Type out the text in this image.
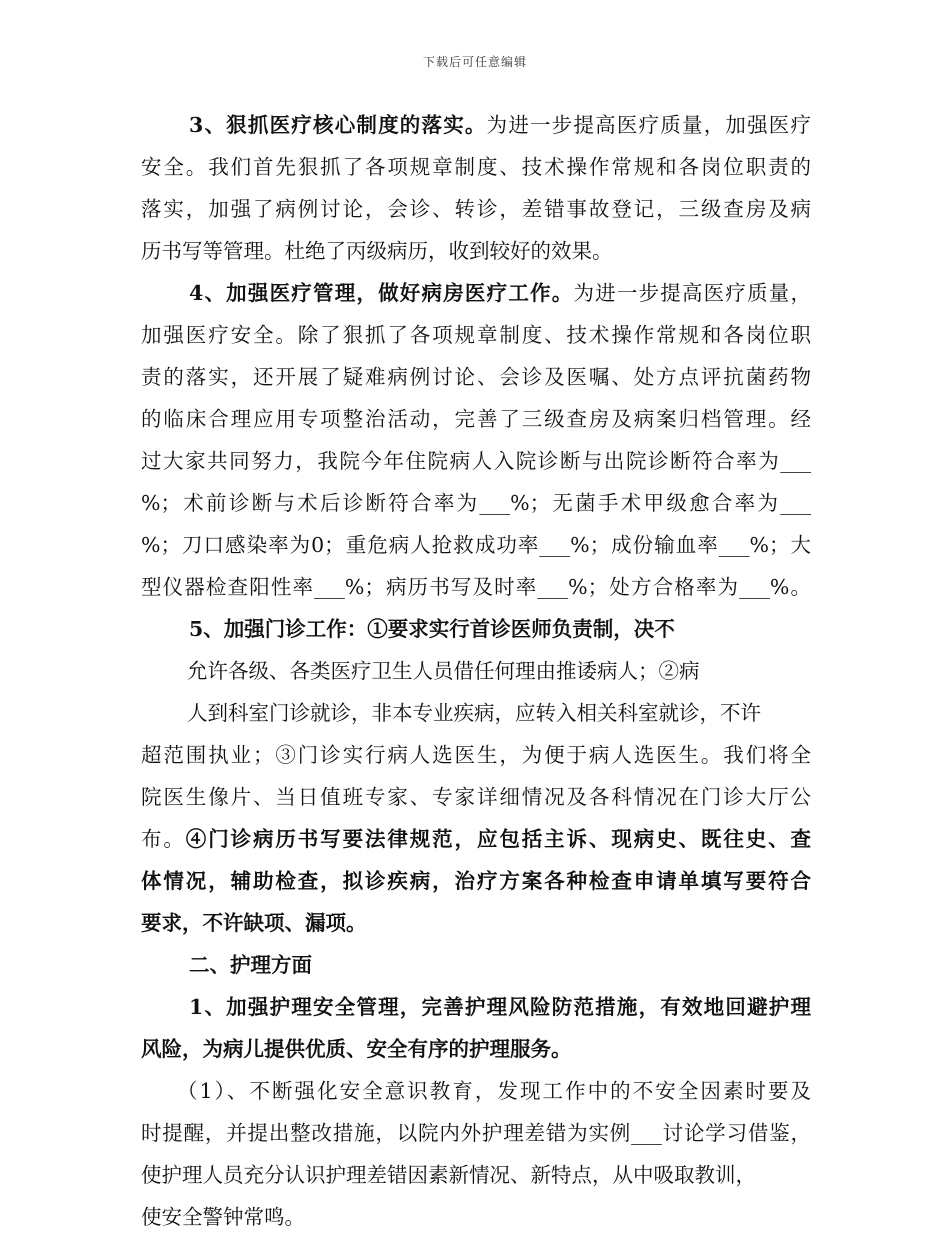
下载后可任意编辑
3、狠抓医疗核心制度的落实。为进一步提高医疗质量，加强医疗
安全。我们首先狠抓了各项规章制度、技术操作常规和各岗位职责的
落实，加强了病例讨论，会诊、转诊，差错事故登记，三级查房及病
历书写等管理。杜绝了丙级病历，收到较好的效果。
4、加强医疗管理，做好病房医疗工作。为进一步提高医疗质量，
加强医疗安全。除了狠抓了各项规章制度、技术操作常规和各岗位职
责的落实，还开展了疑难病例讨论、会诊及医嘱、处方点评抗菌药物
的临床合理应用专项整治活动，完善了三级查房及病案归档管理。经
过大家共同努力，我院今年住院病人入院诊断与出院诊断符合率为___
%；术前诊断与术后诊断符合率为___%；无菌手术甲级愈合率为___
%；刀口感染率为0；重危病人抢救成功率___%；成份输血率___%；大
型仪器检查阳性率___%；病历书写及时率___%；处方合格率为___%。
5、加强门诊工作：①要求实行首诊医师负责制，决不
允许各级、各类医疗卫生人员借任何理由推诿病人；②病
人到科室门诊就诊，非本专业疾病，应转入相关科室就诊，不许
超范围执业；③门诊实行病人选医生，为便于病人选医生。我们将全
院医生像片、当日值班专家、专家详细情况及各科情况在门诊大厅公
布。④门诊病历书写要法律规范，应包括主诉、现病史、既往史、查
体情况，辅助检查，拟诊疾病，治疗方案各种检查申请单填写要符合
要求，不许缺项、漏项。
二、护理方面
1、加强护理安全管理，完善护理风险防范措施，有效地回避护理
风险，为病儿提供优质、安全有序的护理服务。
（1）、不断强化安全意识教育，发现工作中的不安全因素时要及
时提醒，并提出整改措施，以院内外护理差错为实例___讨论学习借鉴，
使护理人员充分认识护理差错因素新情况、新特点，从中吸取教训，
使安全警钟常鸣。
